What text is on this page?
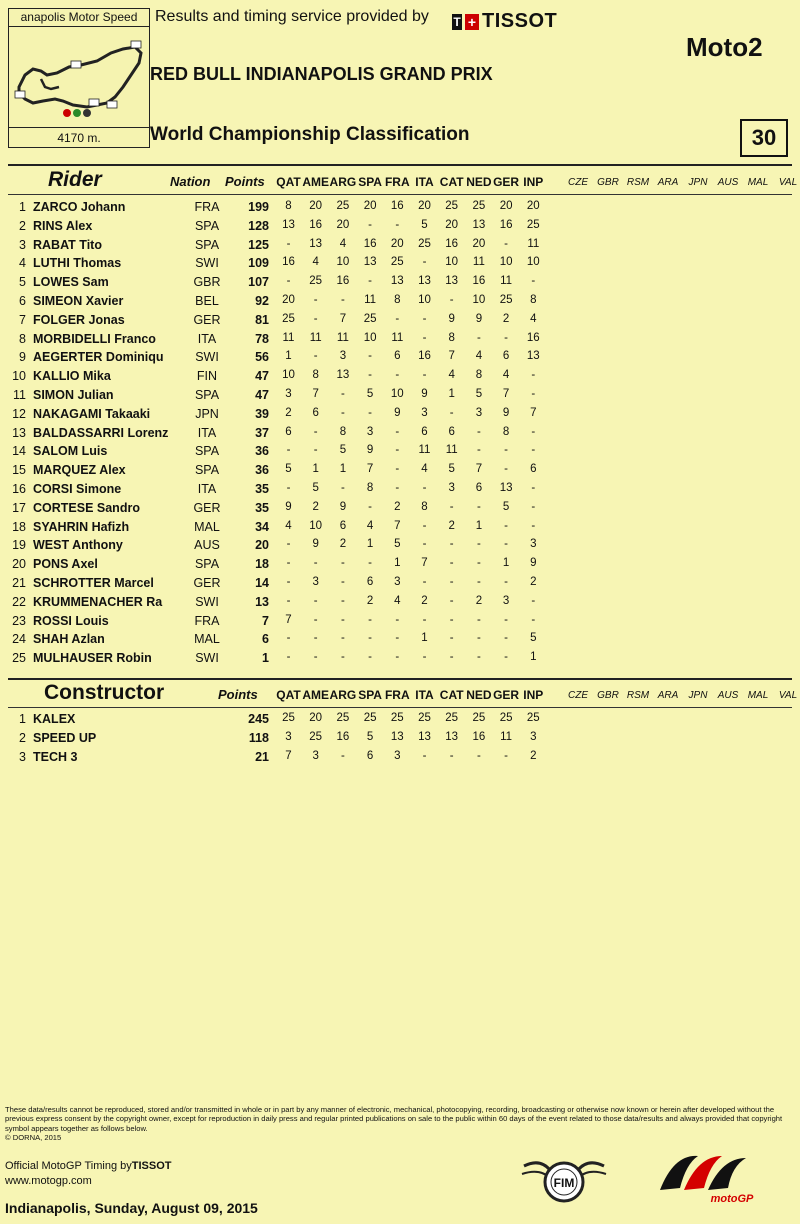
anapolis Motor Speed
4170 m.
Results and timing service provided by T + TISSOT
Moto2
RED BULL INDIANAPOLIS GRAND PRIX
World Championship Classification	30
Rider	Nation Points QAT AME ARG SPA FRA ITA CAT NED GER INP	CZE GBR RSM ARA	JPN	AUS MAL	VAL
1 ZARCO Johann	FRA	199	8	20	25	20	16	20	25	25	20	20
2 RINS Alex	SPA	128	13	16	20	-	-	5	20	13	16	25
3 RABAT Tito	SPA	125	-	13	4	16	20	25	16	20	-	11
4 LUTHI Thomas	SWI	109	16	4	10	13	25	-	10	11	10	10
5 LOWES Sam	GBR	107	-	25	16	-	13	13	13	16	11	-
6 SIMEON Xavier	BEL	92	20	-	-	11	8	10	-	10	25	8
7 FOLGER Jonas	GER	81	25	-	7	25	-	-	9	9	2	4
8 MORBIDELLI Franco	ITA	78	11	11	11	10	11	-	8	-	-	16
9 AEGERTER Dominiqu	SWI	56	1	-	3	-	6	16	7	4	6	13
10 KALLIO Mika	FIN	47	10	8	13	-	-	-	4	8	4	-
11 SIMON Julian	SPA	47	3	7	-	5	10	9	1	5	7	-
12 NAKAGAMI Takaaki	JPN	39	2	6	-	-	9	3	-	3	9	7
13 BALDASSARRI Lorenz	ITA	37	6	-	8	3	-	6	6	-	8	-
14 SALOM Luis	SPA	36	-	-	5	9	-	11	11	-	-	-
15 MARQUEZ Alex	SPA	36	5	1	1	7	-	4	5	7	-	6
16 CORSI Simone	ITA	35	-	5	-	8	-	-	3	6	13	-
17 CORTESE Sandro	GER	35	9	2	9	-	2	8	-	-	5	-
18 SYAHRIN Hafizh	MAL	34	4	10	6	4	7	-	2	1	-	-
19 WEST Anthony	AUS	20	-	9	2	1	5	-	-	-	-	3
20 PONS Axel	SPA	18	-	-	-	-	1	7	-	-	1	9
21 SCHROTTER Marcel	GER	14	-	3	-	6	3	-	-	-	-	2
22 KRUMMENACHER Ra	SWI	13	-	-	-	2	4	2	-	2	3	-
23 ROSSI Louis	FRA	7	7	-	-	-	-	-	-	-	-	-
24 SHAH Azlan	MAL	6	-	-	-	-	-	1	-	-	-	5
25 MULHAUSER Robin	SWI	1	-	-	-	-	-	-	-	-	-	1
Constructor	Points QAT AME ARG SPA FRA ITA CAT NED GER INP	CZE GBR RSM ARA	JPN	AUS MAL	VAL
1 KALEX	245	25	20	25	25	25	25	25	25	25	25
2 SPEED UP	118	3	25	16	5	13	13	13	16	11	3
3 TECH 3	21	7	3	-	6	3	-	-	-	-	2
These data/results cannot be reproduced, stored and/or transmitted in whole or in part by any manner of electronic, mechanical, photocopying, recording, broadcasting or otherwise now known or herein after developed without the previous express consent by the copyright owner, except for reproduction in daily press and regular printed publications on sale to the public within 60 days of the event related to those data/results and always provided that copyright symbol appears together as follows below.
© DORNA, 2015
Official MotoGP Timing byTISSOT
www.motogp.com
Indianapolis, Sunday, August 09, 2015
FIM
motoGP
